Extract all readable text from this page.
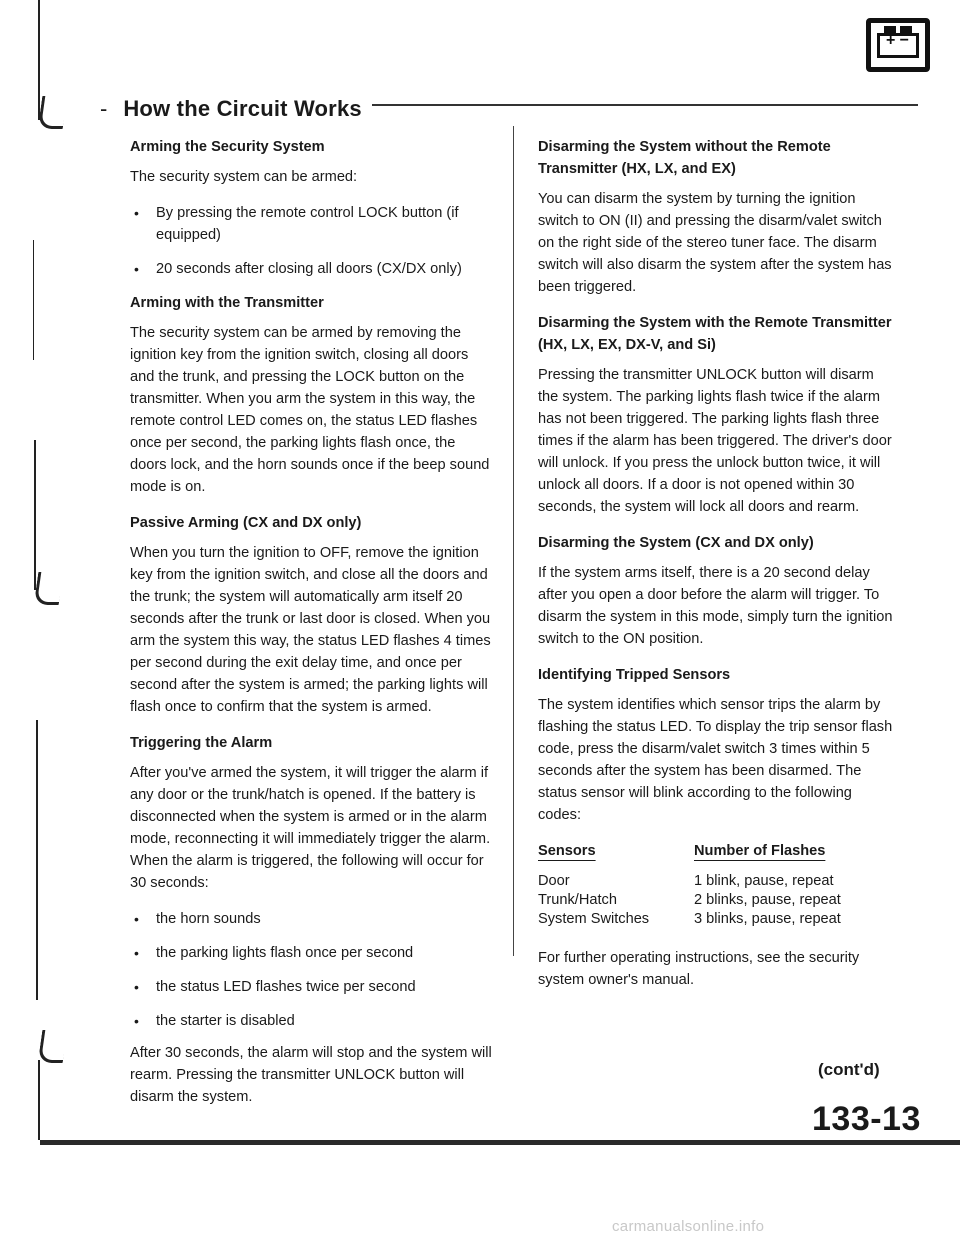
+ −
- How the Circuit Works
Arming the Security System

The security system can be armed:

• By pressing the remote control LOCK button (if equipped)
• 20 seconds after closing all doors (CX/DX only)
Arming with the Transmitter

The security system can be armed by removing the ignition key from the ignition switch, closing all doors and the trunk, and pressing the LOCK button on the transmitter. When you arm the system in this way, the remote control LED comes on, the status LED flashes once per second, the parking lights flash once, the doors lock, and the horn sounds once if the beep sound mode is on.

Passive Arming (CX and DX only)

When you turn the ignition to OFF, remove the ignition key from the ignition switch, and close all the doors and the trunk; the system will automatically arm itself 20 seconds after the trunk or last door is closed. When you arm the system this way, the status LED flashes 4 times per second during the exit delay time, and once per second after the system is armed; the parking lights will flash once to confirm that the system is armed.

Triggering the Alarm

After you've armed the system, it will trigger the alarm if any door or the trunk/hatch is opened. If the battery is disconnected when the system is armed or in the alarm mode, reconnecting it will immediately trigger the alarm. When the alarm is triggered, the following will occur for 30 seconds:

• the horn sounds
• the parking lights flash once per second
• the status LED flashes twice per second
• the starter is disabled

After 30 seconds, the alarm will stop and the system will rearm. Pressing the transmitter UNLOCK button will disarm the system.

Disarming the System without the Remote Transmitter (HX, LX, and EX)

You can disarm the system by turning the ignition switch to ON (II) and pressing the disarm/valet switch on the right side of the stereo tuner face. The disarm switch will also disarm the system after the system has been triggered.

Disarming the System with the Remote Transmitter (HX, LX, EX, DX-V, and Si)

Pressing the transmitter UNLOCK button will disarm the system. The parking lights flash twice if the alarm has not been triggered. The parking lights flash three times if the alarm has been triggered. The driver's door will unlock. If you press the unlock button twice, it will unlock all doors. If a door is not opened within 30 seconds, the system will lock all doors and rearm.

Disarming the System (CX and DX only)

If the system arms itself, there is a 20 second delay after you open a door before the alarm will trigger. To disarm the system in this mode, simply turn the ignition switch to the ON position.

Identifying Tripped Sensors

The system identifies which sensor trips the alarm by flashing the status LED. To display the trip sensor flash code, press the disarm/valet switch 3 times within 5 seconds after the system has been disarmed. The status sensor will blink according to the following codes:

Sensors	Number of Flashes
Door	1 blink, pause, repeat
Trunk/Hatch	2 blinks, pause, repeat
System Switches	3 blinks, pause, repeat

For further operating instructions, see the security system owner's manual.

(cont'd)
133-13
carmanualsonline.info
